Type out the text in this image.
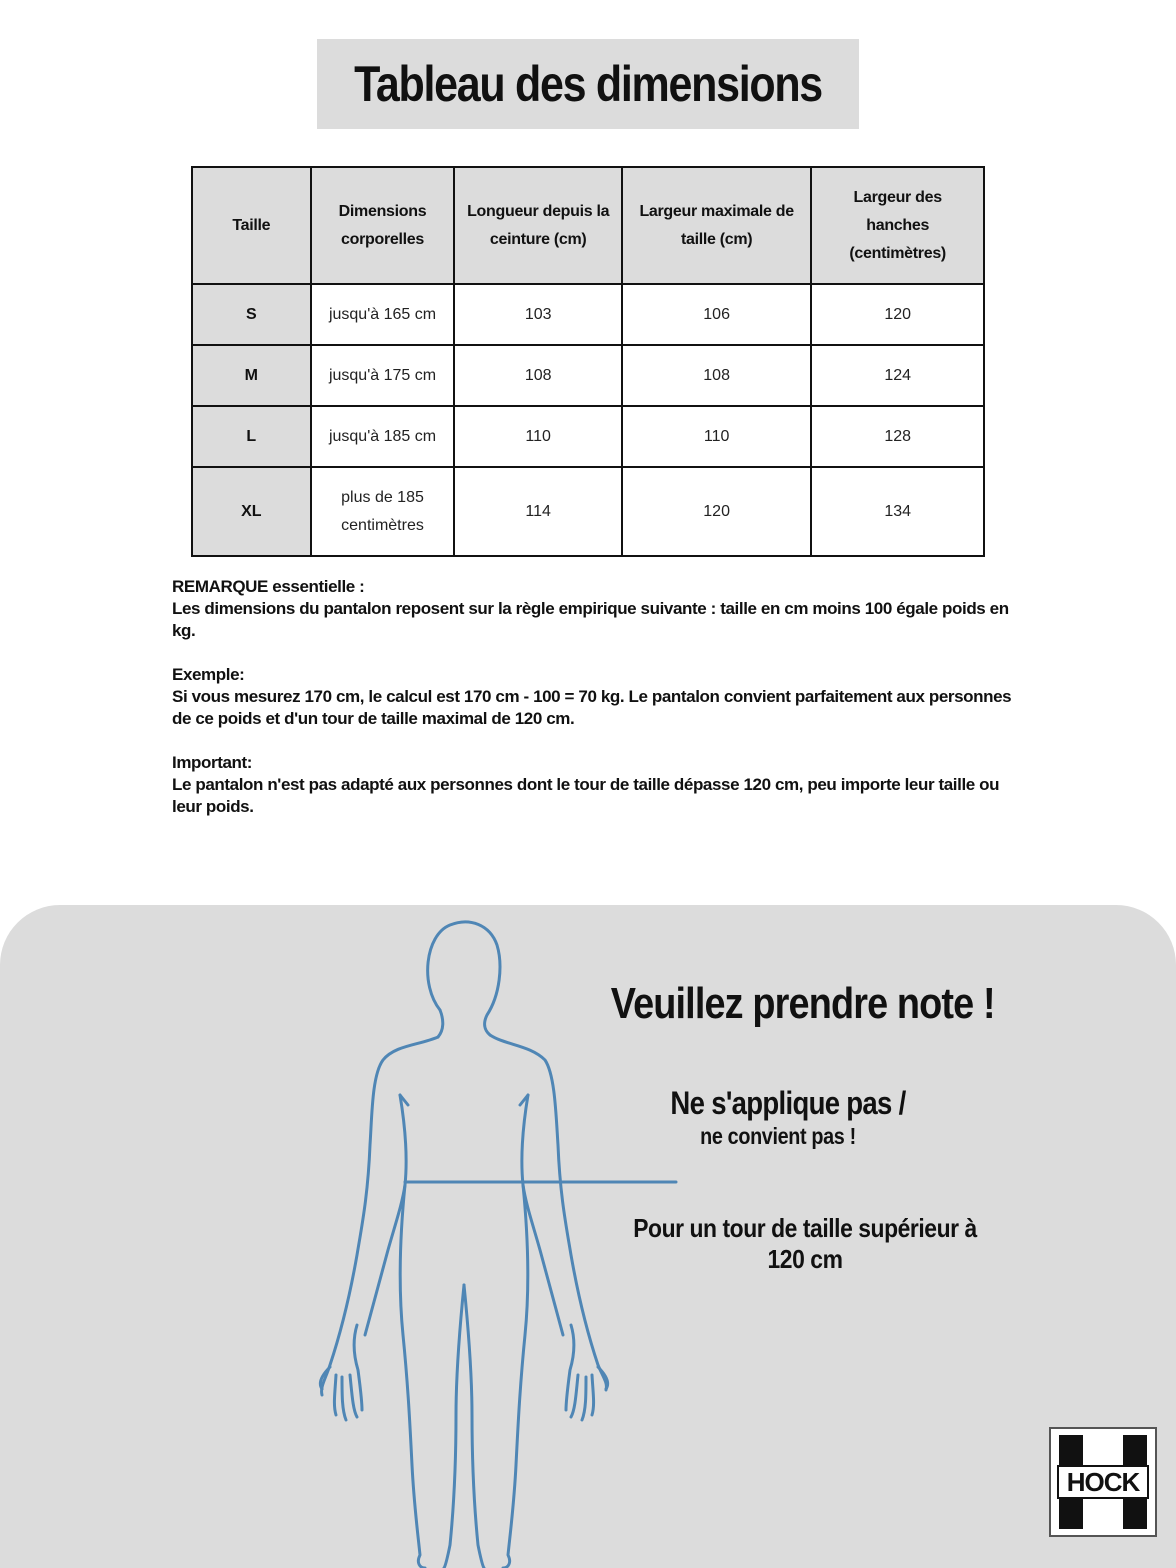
Tableau des dimensions
Taille	Dimensions corporelles	Longueur depuis la ceinture (cm)	Largeur maximale de taille (cm)	Largeur des hanches (centimètres)
S	jusqu'à 165 cm	103	106	120
M	jusqu'à 175 cm	108	108	124
L	jusqu'à 185 cm	110	110	128
XL	plus de 185 centimètres	114	120	134

REMARQUE essentielle :

Les dimensions du pantalon reposent sur la règle empirique suivante : taille en cm moins 100 égale poids en kg.

Exemple:

Si vous mesurez 170 cm, le calcul est 170 cm - 100 = 70 kg. Le pantalon convient parfaitement aux personnes de ce poids et d'un tour de taille maximal de 120 cm.

Important:

Le pantalon n'est pas adapté aux personnes dont le tour de taille dépasse 120 cm, peu importe leur taille ou leur poids.

Veuillez prendre note !
Ne s'applique pas /
ne convient pas !
Pour un tour de taille supérieur à 120 cm
HOCK
